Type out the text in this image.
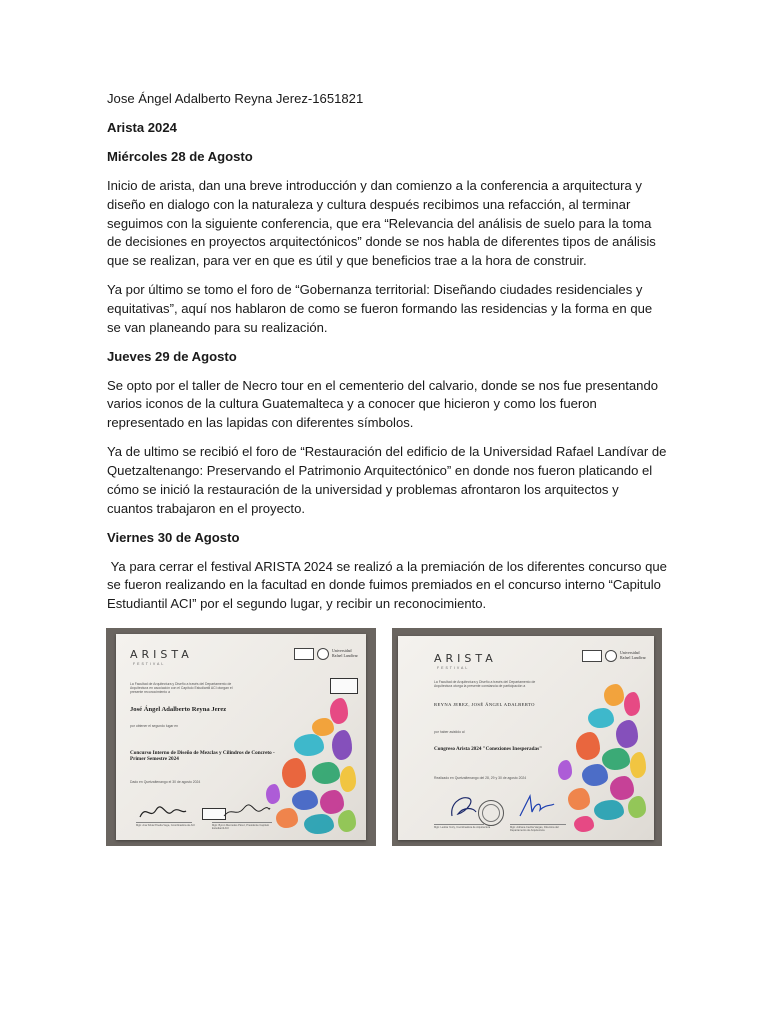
Jose Ángel Adalberto Reyna Jerez-1651821

Arista 2024

Miércoles 28 de Agosto

Inicio de arista, dan una breve introducción y dan comienzo a la conferencia a arquitectura y diseño en dialogo con la naturaleza y cultura después recibimos una refacción, al terminar seguimos con la siguiente conferencia, que era “Relevancia del análisis de suelo para la toma de decisiones en proyectos arquitectónicos” donde se nos habla de diferentes tipos de análisis que se realizan, para ver en que es útil y que beneficios trae a la hora de construir.

Ya por último se tomo el foro de “Gobernanza territorial: Diseñando ciudades residenciales y equitativas”, aquí nos hablaron de como se fueron formando las residencias y la forma en que se van planeando para su realización.

Jueves 29 de Agosto

Se opto por el taller de Necro tour en el cementerio del calvario, donde se nos fue presentando varios iconos de la cultura Guatemalteca y a conocer que hicieron y como los fueron representado en las lapidas con diferentes símbolos.

Ya de ultimo se recibió el foro de “Restauración del edificio de la Universidad Rafael Landívar de Quetzaltenango: Preservando el Patrimonio Arquitectónico” en donde nos fueron platicando el cómo se inició la restauración de la universidad y problemas afrontaron los arquitectos y cuantos trabajaron en el proyecto.

Viernes 30 de Agosto

Ya para cerrar el festival ARISTA 2024 se realizó a la premiación de los diferentes concurso que se fueron realizando en la facultad en donde fuimos premiados en el concurso interno “Capitulo Estudiantil ACI” por el segundo lugar, y recibir un reconocimiento.

ARISTA
FESTIVAL
Universidad Rafael Landívar
La Facultad de Arquitectura y Diseño a través del Departamento de Arquitectura en asociación con el Capítulo Estudiantil ACI otorgan el presente reconocimiento a
José Ángel Adalberto Reyna Jerez
por obtener el segundo lugar en
Concurso Interno de Diseño de Mezclas y Cilindros de Concreto - Primer Semestre 2024
Dado en Quetzaltenango el 30 de agosto 2024
Mgtr. Ana Silvia Pineda Vega, Coordinadora de ACI	Mgtr. Byron Mercedes Pérez, Presidente Capítulo Estudiantil ACI
ARISTA
FESTIVAL
Universidad Rafael Landívar
La Facultad de Arquitectura y Diseño a través del Departamento de Arquitectura otorga la presente constancia de participación a
REYNA JEREZ, JOSÉ ÁNGEL ADALBERTO
por haber asistido al
Congreso Arista 2024 "Conexiones Inesperadas"
Realizado en Quetzaltenango del 28, 29 y 30 de agosto 2024
Mgtr. Lesbia Yetzy, Coordinadora de Arquitectura	Mgtr. Adriana Cecilia Vargas, Directora del Departamento de Arquitectura
